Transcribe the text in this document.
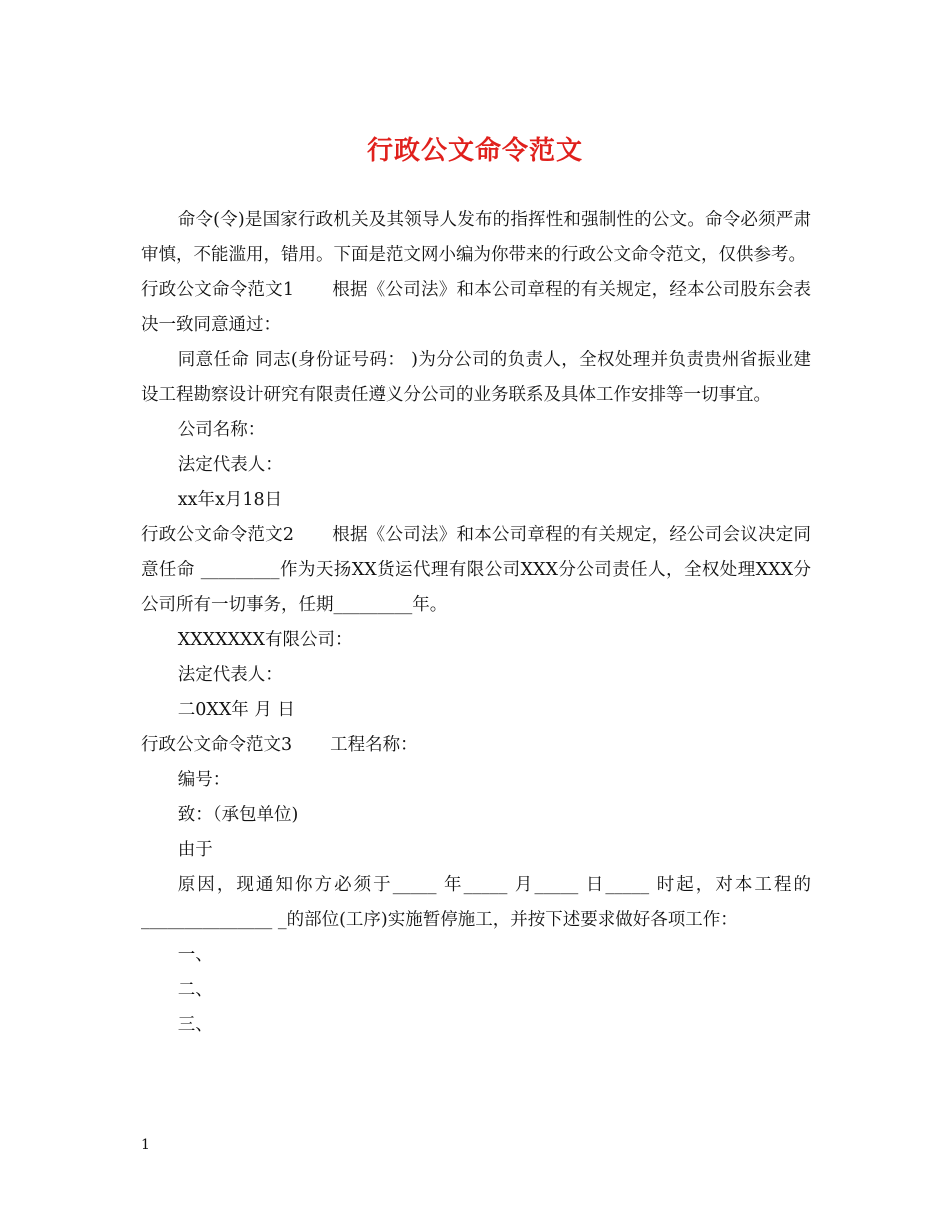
行政公文命令范文

命令(令)是国家行政机关及其领导人发布的指挥性和强制性的公文。命令必须严肃审慎，不能滥用，错用。下面是范文网小编为你带来的行政公文命令范文，仅供参考。

行政公文命令范文1 根据《公司法》和本公司章程的有关规定，经本公司股东会表决一致同意通过：

同意任命 同志(身份证号码： )为分公司的负责人，全权处理并负责贵州省振业建设工程勘察设计研究有限责任遵义分公司的业务联系及具体工作安排等一切事宜。

公司名称：

法定代表人：

xx年x月18日

行政公文命令范文2 根据《公司法》和本公司章程的有关规定，经公司会议决定同意任命 _________作为天扬XX货运代理有限公司XXX分公司责任人，全权处理XXX分公司所有一切事务，任期_________年。

XXXXXXX有限公司：

法定代表人：

二0XX年 月 日

行政公文命令范文3 工程名称：

编号：

致：（承包单位)

由于

原因，现通知你方必须于_____ 年_____ 月_____ 日_____ 时起，对本工程的_______________ _的部位(工序)实施暂停施工，并按下述要求做好各项工作：

一、

二、

三、

1
